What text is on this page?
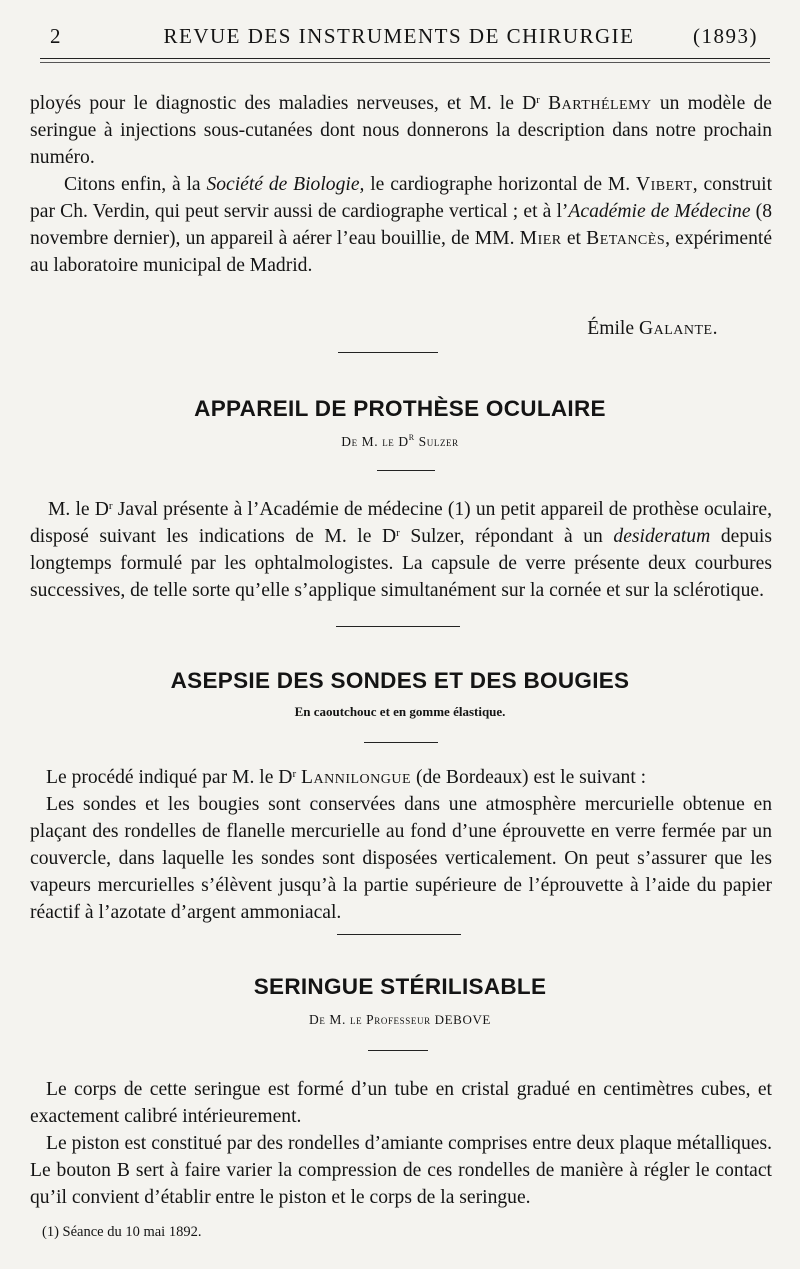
2	REVUE DES INSTRUMENTS DE CHIRURGIE	(1893)

ployés pour le diagnostic des maladies nerveuses, et M. le $D^r$ Barthélemy un modèle de seringue à injections sous-cutanées dont nous donnerons la description dans notre prochain numéro.

Citons enfin, à la Société de Biologie, le cardiographe horizontal de M. Vibert, construit par Ch. Verdin, qui peut servir aussi de cardiographe vertical ; et à l’Académie de Médecine (8 novembre dernier), un appareil à aérer l’eau bouillie, de MM. Mier et Betancès, expérimenté au laboratoire municipal de Madrid.

Émile Galante.
APPAREIL DE PROTHÈSE OCULAIRE
De M. le $D^r$ Sulzer

M. le $D^r$ Javal présente à l’Académie de médecine (1) un petit appareil de prothèse oculaire, disposé suivant les indications de M. le $D^r$ Sulzer, répondant à un desideratum depuis longtemps formulé par les ophtalmologistes. La capsule de verre présente deux courbures successives, de telle sorte qu’elle s’applique simultanément sur la cornée et sur la sclérotique.

ASEPSIE DES SONDES ET DES BOUGIES
En caoutchouc et en gomme élastique.

Le procédé indiqué par M. le $D^r$ Lannilongue (de Bordeaux) est le suivant :

Les sondes et les bougies sont conservées dans une atmosphère mercurielle obtenue en plaçant des rondelles de flanelle mercurielle au fond d’une éprouvette en verre fermée par un couvercle, dans laquelle les sondes sont disposées verticalement. On peut s’assurer que les vapeurs mercurielles s’élèvent jusqu’à la partie supérieure de l’éprouvette à l’aide du papier réactif à l’azotate d’argent ammoniacal.

SERINGUE STÉRILISABLE
De M. le Professeur DEBOVE

Le corps de cette seringue est formé d’un tube en cristal gradué en centimètres cubes, et exactement calibré intérieurement.

Le piston est constitué par des rondelles d’amiante comprises entre deux plaque métalliques. Le bouton B sert à faire varier la compression de ces rondelles de manière à régler le contact qu’il convient d’établir entre le piston et le corps de la seringue.

(1) Séance du 10 mai 1892.
